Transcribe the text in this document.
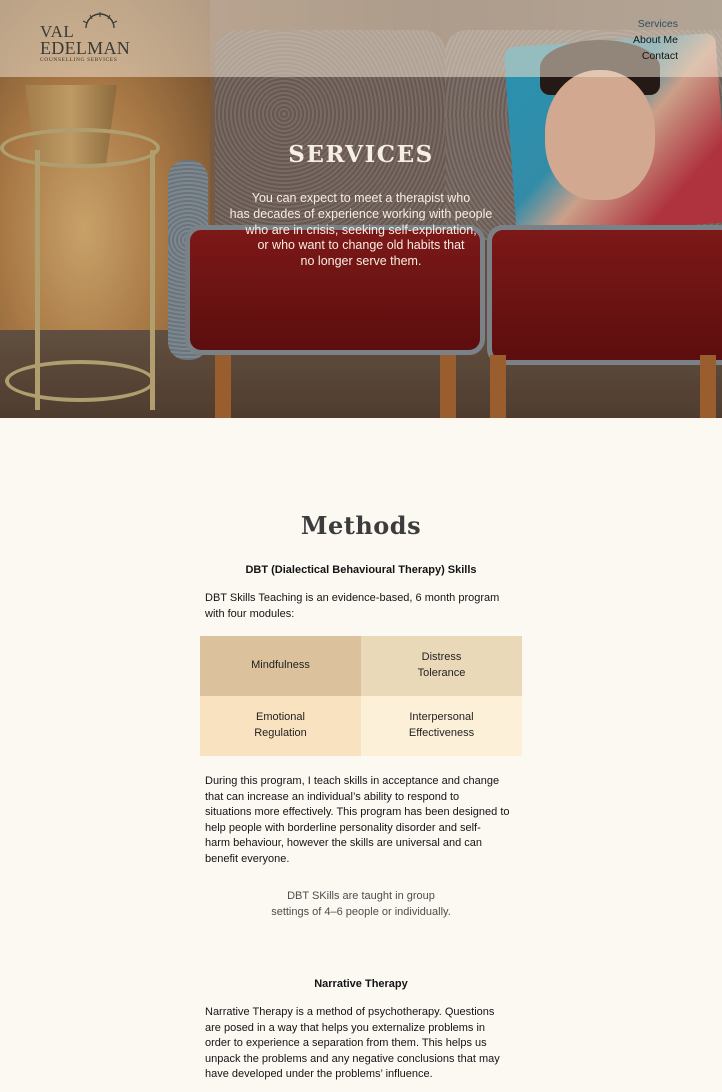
VAL
EDELMAN
COUNSELLING SERVICES
Services
About Me
Contact
SERVICES

You can expect to meet a therapist who
has decades of experience working with people
who are in crisis, seeking self-exploration,
or who want to change old habits that
no longer serve them.

Methods
DBT (Dialectical Behavioural Therapy) Skills

DBT Skills Teaching is an evidence-based, 6 month program
with four modules:

Mindfulness
Distress
Tolerance
Emotional
Regulation
Interpersonal
Effectiveness

During this program, I teach skills in acceptance and change
that can increase an individual’s ability to respond to
situations more effectively. This program has been designed to
help people with borderline personality disorder and self-
harm behaviour, however the skills are universal and can
benefit everyone.

DBT SKills are taught in group
settings of 4–6 people or individually.

Narrative Therapy

Narrative Therapy is a method of psychotherapy. Questions
are posed in a way that helps you externalize problems in
order to experience a separation from them. This helps us
unpack the problems and any negative conclusions that may
have developed under the problems’ influence.
